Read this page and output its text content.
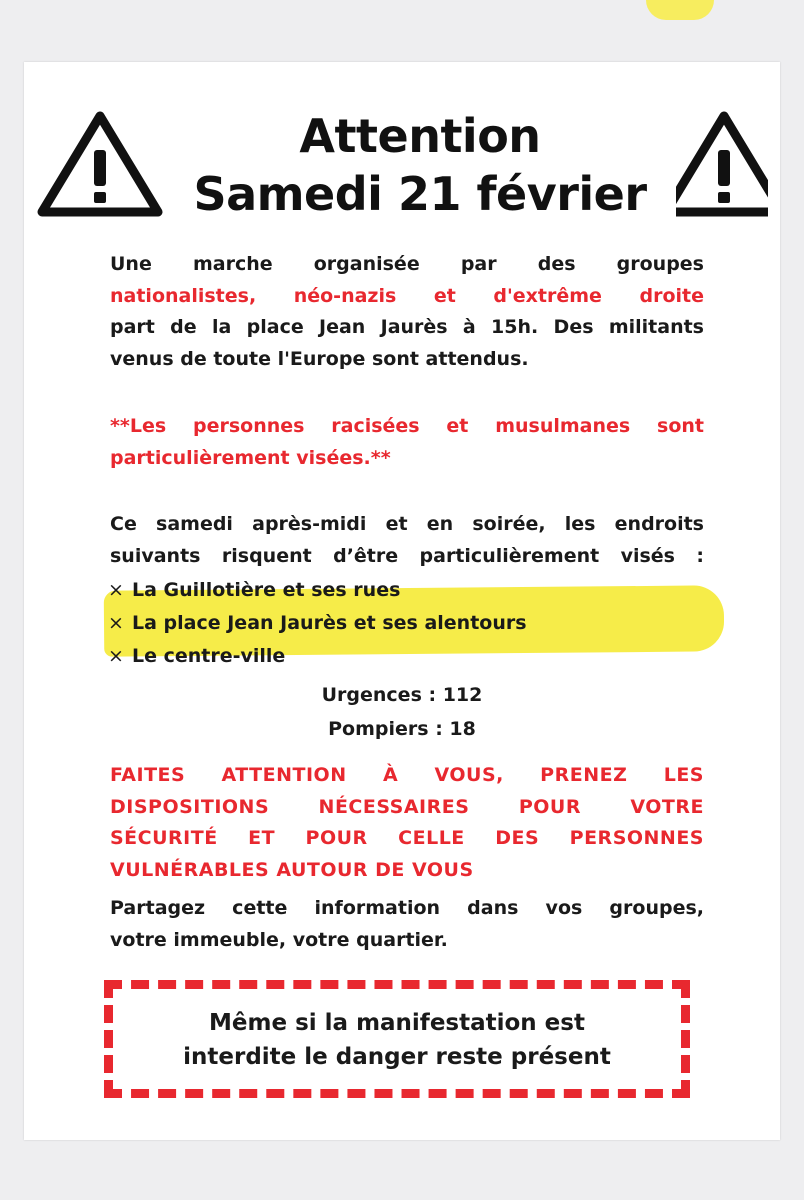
Attention
Samedi 21 février
Une marche organisée par des groupes
nationalistes, néo-nazis et d'extrême droite
part de la place Jean Jaurès à 15h. Des militants
venus de toute l'Europe sont attendus.
**Les personnes racisées et musulmanes sont
particulièrement visées.**
Ce samedi après-midi et en soirée, les endroits
suivants risquent d’être particulièrement visés :
× La Guillotière et ses rues
× La place Jean Jaurès et ses alentours
× Le centre-ville
Urgences : 112
Pompiers : 18
FAITES ATTENTION À VOUS, PRENEZ LES
DISPOSITIONS NÉCESSAIRES POUR VOTRE
SÉCURITÉ ET POUR CELLE DES PERSONNES
VULNÉRABLES AUTOUR DE VOUS
Partagez cette information dans vos groupes,
votre immeuble, votre quartier.
Même si la manifestation est
interdite le danger reste présent
